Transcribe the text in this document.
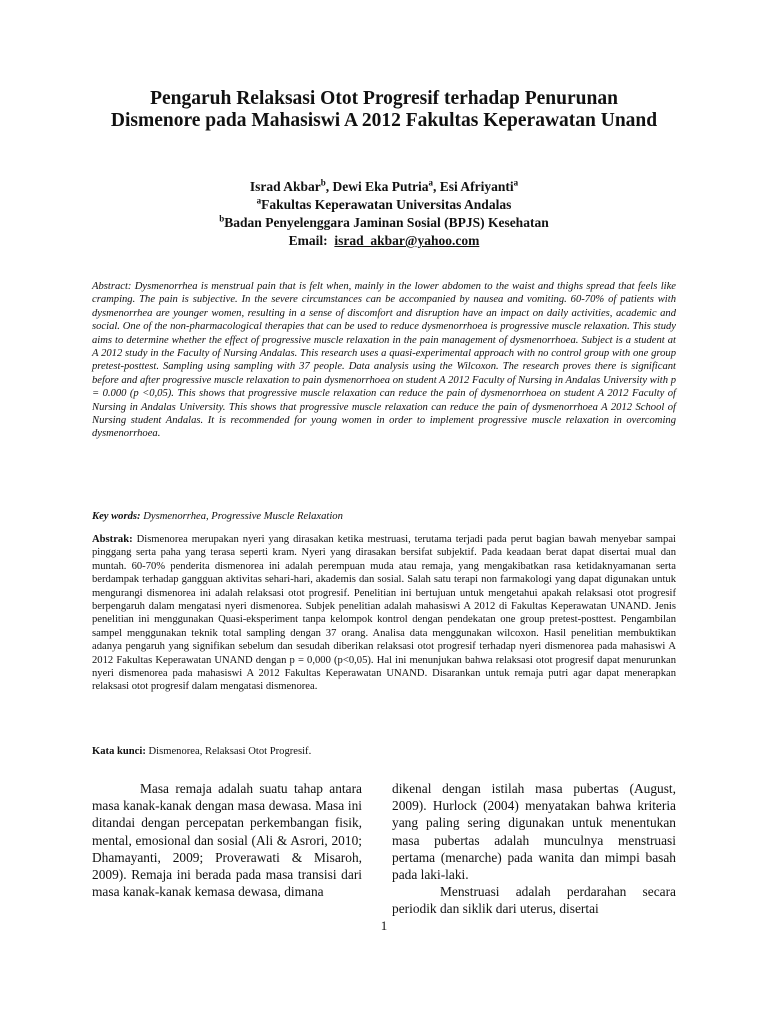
Pengaruh Relaksasi Otot Progresif terhadap Penurunan Dismenore pada Mahasiswi A 2012 Fakultas Keperawatan Unand
Israd Akbar$^b$, Dewi Eka Putria$^a$, Esi Afriyanti$^a$
$^a$Fakultas Keperawatan Universitas Andalas
$^b$Badan Penyelenggara Jaminan Sosial (BPJS) Kesehatan
Email: israd_akbar@yahoo.com
Abstract: Dysmenorrhea is menstrual pain that is felt when, mainly in the lower abdomen to the waist and thighs spread that feels like cramping. The pain is subjective. In the severe circumstances can be accompanied by nausea and vomiting. 60-70% of patients with dysmenorrhea are younger women, resulting in a sense of discomfort and disruption have an impact on daily activities, academic and social. One of the non-pharmacological therapies that can be used to reduce dysmenorrhoea is progressive muscle relaxation. This study aims to determine whether the effect of progressive muscle relaxation in the pain management of dysmenorrhoea. Subject is a student at A 2012 study in the Faculty of Nursing Andalas. This research uses a quasi-experimental approach with no control group with one group pretest-posttest. Sampling using sampling with 37 people. Data analysis using the Wilcoxon. The research proves there is significant before and after progressive muscle relaxation to pain dysmenorrhoea on student A 2012 Faculty of Nursing in Andalas University with p = 0.000 (p <0,05). This shows that progressive muscle relaxation can reduce the pain of dysmenorrhoea on student A 2012 Faculty of Nursing in Andalas University. This shows that progressive muscle relaxation can reduce the pain of dysmenorrhoea A 2012 School of Nursing student Andalas. It is recommended for young women in order to implement progressive muscle relaxation in overcoming dysmenorrhoea.
Key words: Dysmenorrhea, Progressive Muscle Relaxation
Abstrak: Dismenorea merupakan nyeri yang dirasakan ketika mestruasi, terutama terjadi pada perut bagian bawah menyebar sampai pinggang serta paha yang terasa seperti kram. Nyeri yang dirasakan bersifat subjektif. Pada keadaan berat dapat disertai mual dan muntah. 60-70% penderita dismenorea ini adalah perempuan muda atau remaja, yang mengakibatkan rasa ketidaknyamanan serta berdampak terhadap gangguan aktivitas sehari-hari, akademis dan sosial. Salah satu terapi non farmakologi yang dapat digunakan untuk mengurangi dismenorea ini adalah relaksasi otot progresif. Penelitian ini bertujuan untuk mengetahui apakah relaksasi otot progresif berpengaruh dalam mengatasi nyeri dismenorea. Subjek penelitian adalah mahasiswi A 2012 di Fakultas Keperawatan UNAND. Jenis penelitian ini menggunakan Quasi-eksperiment tanpa kelompok kontrol dengan pendekatan one group pretest-posttest. Pengambilan sampel menggunakan teknik total sampling dengan 37 orang. Analisa data menggunakan wilcoxon. Hasil penelitian membuktikan adanya pengaruh yang signifikan sebelum dan sesudah diberikan relaksasi otot progresif terhadap nyeri dismenorea pada mahasiswi A 2012 Fakultas Keperawatan UNAND dengan p = 0,000 (p<0,05). Hal ini menunjukan bahwa relaksasi otot progresif dapat menurunkan nyeri dismenorea pada mahasiswi A 2012 Fakultas Keperawatan UNAND. Disarankan untuk remaja putri agar dapat menerapkan relaksasi otot progresif dalam mengatasi dismenorea.
Kata kunci: Dismenorea, Relaksasi Otot Progresif.

Masa remaja adalah suatu tahap antara masa kanak-kanak dengan masa dewasa. Masa ini ditandai dengan percepatan perkembangan fisik, mental, emosional dan sosial (Ali & Asrori, 2010; Dhamayanti, 2009; Proverawati & Misaroh, 2009). Remaja ini berada pada masa transisi dari masa kanak-kanak kemasa dewasa, dimana

dikenal dengan istilah masa pubertas (August, 2009). Hurlock (2004) menyatakan bahwa kriteria yang paling sering digunakan untuk menentukan masa pubertas adalah munculnya menstruasi pertama (menarche) pada wanita dan mimpi basah pada laki-laki.

Menstruasi adalah perdarahan secara periodik dan siklik dari uterus, disertai

1
